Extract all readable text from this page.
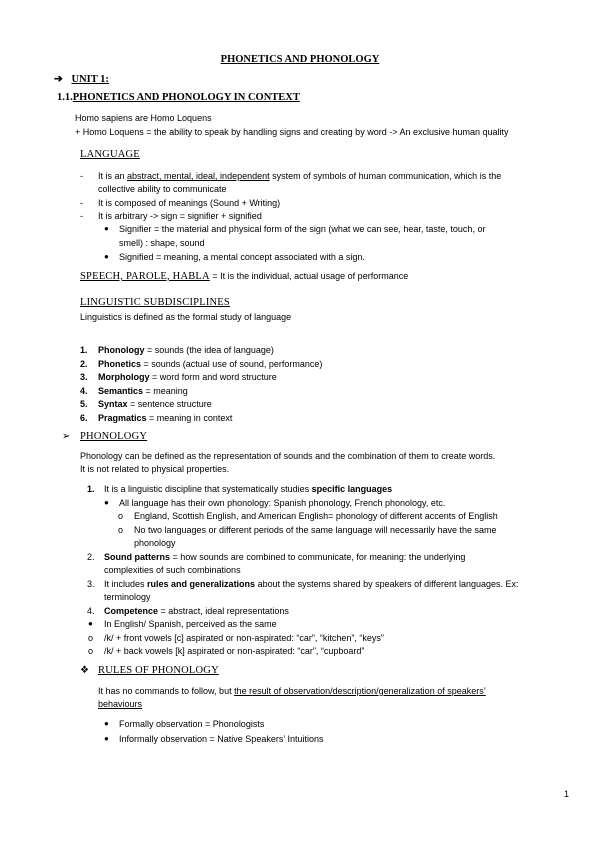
PHONETICS AND PHONOLOGY
➔ UNIT 1:
1.1.PHONETICS AND PHONOLOGY IN CONTEXT
Homo sapiens are Homo Loquens
+ Homo Loquens = the ability to speak by handling signs and creating by word -> An exclusive human quality
LANGUAGE
- It is an abstract, mental, ideal, independent system of symbols of human communication, which is the
collective ability to communicate
- It is composed of meanings (Sound + Writing)
- It is arbitrary -> sign = signifier + signified
● Signifier = the material and physical form of the sign (what we can see, hear, taste, touch, or
smell) : shape, sound
● Signified = meaning, a mental concept associated with a sign.
SPEECH, PAROLE, HABLA = It is the individual, actual usage of performance
LINGUISTIC SUBDISCIPLINES
Linguistics is defined as the formal study of language
1. Phonology = sounds (the idea of language)
2. Phonetics = sounds (actual use of sound, performance)
3. Morphology = word form and word structure
4. Semantics = meaning
5. Syntax = sentence structure
6. Pragmatics = meaning in context
➢ PHONOLOGY
Phonology can be defined as the representation of sounds and the combination of them to create words.
It is not related to physical properties.
1. It is a linguistic discipline that systematically studies specific languages
● All language has their own phonology: Spanish phonology, French phonology, etc.
o England, Scottish English, and American English= phonology of different accents of English
o No two languages or different periods of the same language will necessarily have the same
phonology
2. Sound patterns = how sounds are combined to communicate, for meaning: the underlying
complexities of such combinations
3. It includes rules and generalizations about the systems shared by speakers of different languages. Ex:
terminology
4. Competence = abstract, ideal representations
● In English/ Spanish, perceived as the same
o /k/ + front vowels [c] aspirated or non-aspirated: “car”, “kitchen”, “keys”
o /k/ + back vowels [k] aspirated or non-aspirated: “car”, “cupboard”
❖ RULES OF PHONOLOGY
It has no commands to follow, but the result of observation/description/generalization of speakers’
behaviours
● Formally observation = Phonologists
● Informally observation = Native Speakers’ Intuitions
1
